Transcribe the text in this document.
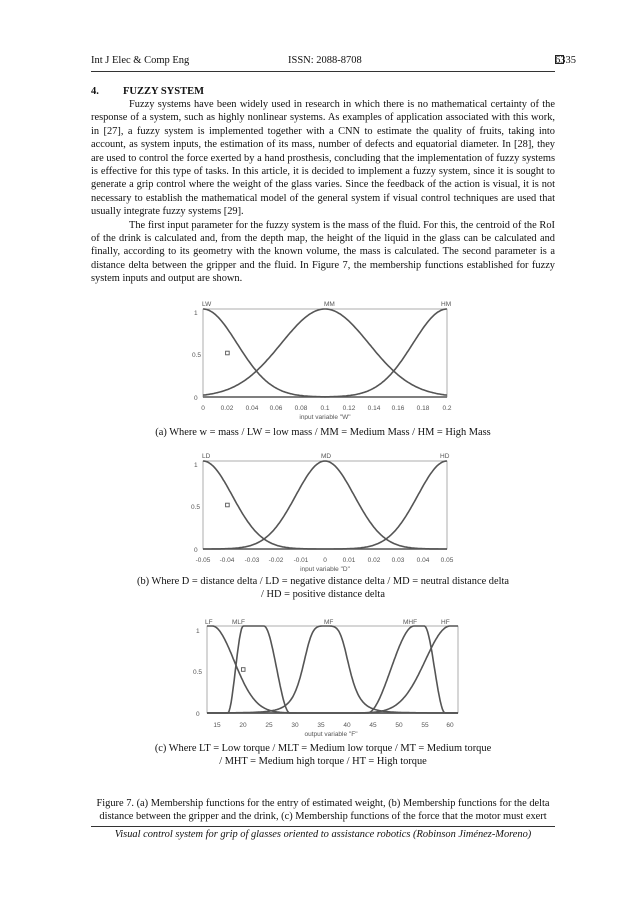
Int J Elec & Comp Eng	ISSN: 2088-8708	6335
4. FUZZY SYSTEM

Fuzzy systems have been widely used in research in which there is no mathematical certainty of the response of a system, such as highly nonlinear systems. As examples of application associated with this work, in [27], a fuzzy system is implemented together with a CNN to estimate the quality of fruits, taking into account, as system inputs, the estimation of its mass, number of defects and equatorial diameter. In [28], they are used to control the force exerted by a hand prosthesis, concluding that the implementation of fuzzy systems is effective for this type of tasks. In this article, it is decided to implement a fuzzy system, since it is sought to generate a grip control where the weight of the glass varies. Since the feedback of the action is visual, it is not necessary to establish the mathematical model of the general system if visual control techniques are used that usually integrate fuzzy systems [29].

The first input parameter for the fuzzy system is the mass of the fluid. For this, the centroid of the RoI of the drink is calculated and, from the depth map, the height of the liquid in the glass can be calculated and finally, according to its geometry with the known volume, the mass is calculated. The second parameter is a distance delta between the gripper and the fluid. In Figure 7, the membership functions established for fuzzy system inputs and output are shown.

LW	MM	HM
1
0.5
0
0 0.02 0.04 0.06 0.08 0.1 0.12 0.14 0.16 0.18 0.2
input variable "W"
(a) Where w = mass / LW = low mass / MM = Medium Mass / HM = High Mass
LD	MD	HD
1
0.5
0
-0.05 -0.04 -0.03 -0.02 -0.01 0 0.01 0.02 0.03 0.04 0.05
input variable "D"
(b) Where D = distance delta / LD = negative distance delta / MD = neutral distance delta
/ HD = positive distance delta
LF	MLF	MF	MHF	HF
1
0.5
0
15	20	25	30	35	40	45	50	55	60
output variable "F"
(c) Where LT = Low torque / MLT = Medium low torque / MT = Medium torque
/ MHT = Medium high torque / HT = High torque
Figure 7. (a) Membership functions for the entry of estimated weight, (b) Membership functions for the delta distance between the gripper and the drink, (c) Membership functions of the force that the motor must exert
Visual control system for grip of glasses oriented to assistance robotics (Robinson Jiménez-Moreno)
